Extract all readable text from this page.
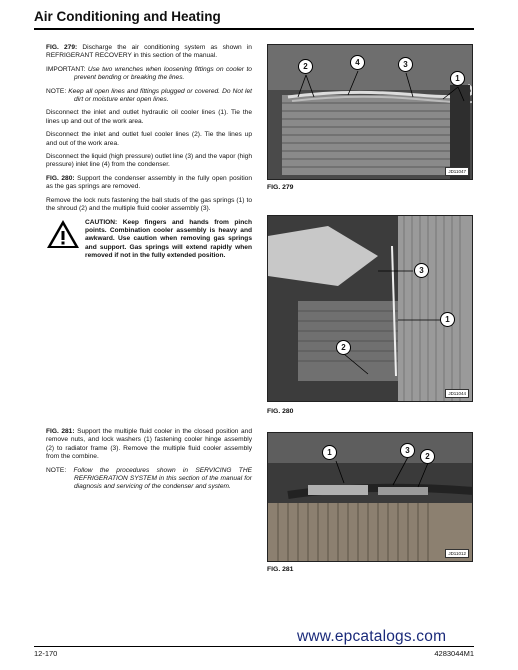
Air Conditioning and Heating

FIG. 279: Discharge the air conditioning system as shown in REFRIGERANT RECOVERY in this section of the manual.

IMPORTANT: Use two wrenches when loosening fittings on cooler to prevent bending or breaking the lines.

NOTE: Keep all open lines and fittings plugged or covered. Do Not let dirt or moisture enter open lines.

Disconnect the inlet and outlet hydraulic oil cooler lines (1). Tie the lines up and out of the work area.

Disconnect the inlet and outlet fuel cooler lines (2). Tie the lines up and out of the work area.

Disconnect the liquid (high pressure) outlet line (3) and the vapor (high pressure) inlet line (4) from the condenser.

FIG. 280: Support the condenser assembly in the fully open position as the gas springs are removed.

Remove the lock nuts fastening the ball studs of the gas springs (1) to the shroud (2) and the multiple fluid cooler assembly (3).

CAUTION: Keep fingers and hands from pinch points. Combination cooler assembly is heavy and awkward. Use caution when removing gas springs and support. Gas springs will extend rapidly when removed if not in the fully extended position.

FIG. 281: Support the multiple fluid cooler in the closed position and remove nuts, and lock washers (1) fastening cooler hinge assembly (2) to radiator frame (3). Remove the multiple fluid cooler assembly from the combine.

NOTE: Follow the procedures shown in SERVICING THE REFRIGERATION SYSTEM in this section of the manual for diagnosis and servicing of the condenser and system.

2	4	3
1
JD11047
FIG. 279
3
1
2
JD11044
FIG. 280
1	3
2
JD11012
FIG. 281
www.epcatalogs.com
12-170	4283044M1
